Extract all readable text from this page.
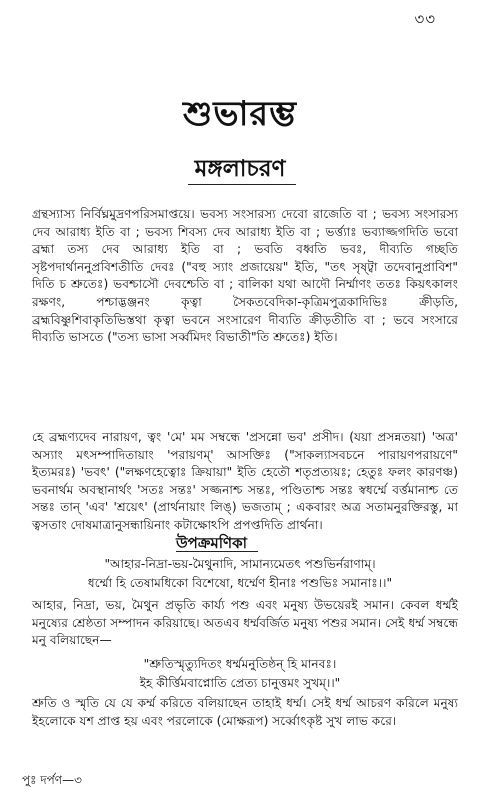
৩৩
শুভারম্ভ
মঙ্গলাচরণ

গ্রন্থস্যাস্য নির্বিঘ্নমুদ্রণপরিসমাপ্তয়ে। ভবস্য সংসারস্য দেবো রাজেতি বা ; ভবস্য সংসারস্য দেব আরাধ্য ইতি বা ; ভবস্য শিবস্য দেব আরাধ্য ইতি বা ; ভর্ত্ত্যাঃ ভব্যাজ্জগদিতি ভবো ব্রহ্মা তস্য দেব আরাধ্য ইতি বা ; ভবতি বধ্বতি ভবঃ, দীব্যতি গচ্ছতি সৃষ্টপদার্থাননুপ্রবিশতীতি দেবঃ ("বহু স্যাং প্রজায়েয়" ইতি, "তৎ সৃষ্ট্বা তদেবানুপ্রাবিশ" দিতি চ শ্রুতেঃ) ভবশ্চাসৌ দেবশ্চেতি বা ; বালিকা যথা আদৌ নির্ম্মাণং ততঃ কিয়ৎকালং রক্ষণং, পশ্চাদ্ভঞ্জনং কৃত্বা সৈকতবেদিকা-কৃত্রিমপুত্রকাদিভিঃ ক্রীড়তি, ব্রহ্মবিষ্ণুশিবাকৃতিভিস্তথা কৃত্বা ভবনে সংসারেণ দীব্যতি ক্রীড়তীতি বা ; ভবে সংসারে দীব্যতি ভাসতে ("তস্য ভাসা সর্ব্বমিদং বিভাতী"তি শ্রুতেঃ) ইতি।

হে ব্রহ্মণ্যদেব নারায়ণ, ত্বং 'মে' মম সম্বন্ধে 'প্রসন্নো ভব' প্রসীদ। (যয়া প্রসন্নতয়া) 'অত্র' অস্যাং মৎসম্পাদিতায়াং 'পরায়ণম্' আসক্তিঃ ("সাকল্যাসবচনে পারায়ণপরায়ণে" ইত্যমরঃ) 'ভবৎ' ("লক্ষণহেত্বোঃ ক্রিয়ায়া" ইতি হেতৌ শতৃপ্রত্যয়ঃ; হেতুঃ ফলং কারণঞ্চ) ভবনার্থম অবস্থানার্থং 'সতঃ সন্তঃ' সজ্জনাশ্চ সন্তঃ, পণ্ডিতাশ্চ সন্তঃ স্বধর্ম্মে বর্ত্তমানাশ্চ তে সন্তঃ তান্ 'এব' 'শ্রয়েৎ' (প্রার্থনায়াং লিঙ্) ভজতাম্ ; একবারং অত্র সতামনুরক্তিরস্তু, মা ত্বসতাং দোষমাত্রানুসন্ধায়িনাং কটাক্ষোঽপি প্রপপ্তদিতি প্রার্থনা।

উপক্রমণিকা
"আহার-নিদ্রা-ভয়-মৈথুনাদি, সামান্যমেতৎ পশুভির্নরাণাম্।
ধর্ম্মো হি তেষামধিকো বিশেষো, ধর্ম্মেণ হীনাঃ পশুভিঃ সমানাঃ।।"

আহার, নিদ্রা, ভয়, মৈথুন প্রভৃতি কার্য্য পশু এবং মনুষ্য উভয়েরই সমান। কেবল ধর্ম্মই মনুষ্যের শ্রেষ্ঠতা সম্পাদন করিয়াছে। অতএব ধর্ম্মবর্জিত মনুষ্য পশুর সমান। সেই ধর্ম্ম সম্বন্ধে মনু বলিয়াছেন—

"শ্রুতিস্মৃত্যুদিতং ধর্ম্মমনুতিষ্ঠন্ হি মানবঃ।
ইহ কীর্ত্তিমবাপ্নোতি প্রেত্য চানুত্তমং সুখম্।।"

শ্রুতি ও স্মৃতি যে যে কর্ম্ম করিতে বলিয়াছেন তাহাই ধর্ম্ম। সেই ধর্ম্ম আচরণ করিলে মনুষ্য ইহলোকে যশ প্রাপ্ত হয় এবং পরলোকে (মোক্ষরূপ) সর্ব্বোৎকৃষ্ট সুখ লাভ করে।

পুঃ দর্পণ—৩
